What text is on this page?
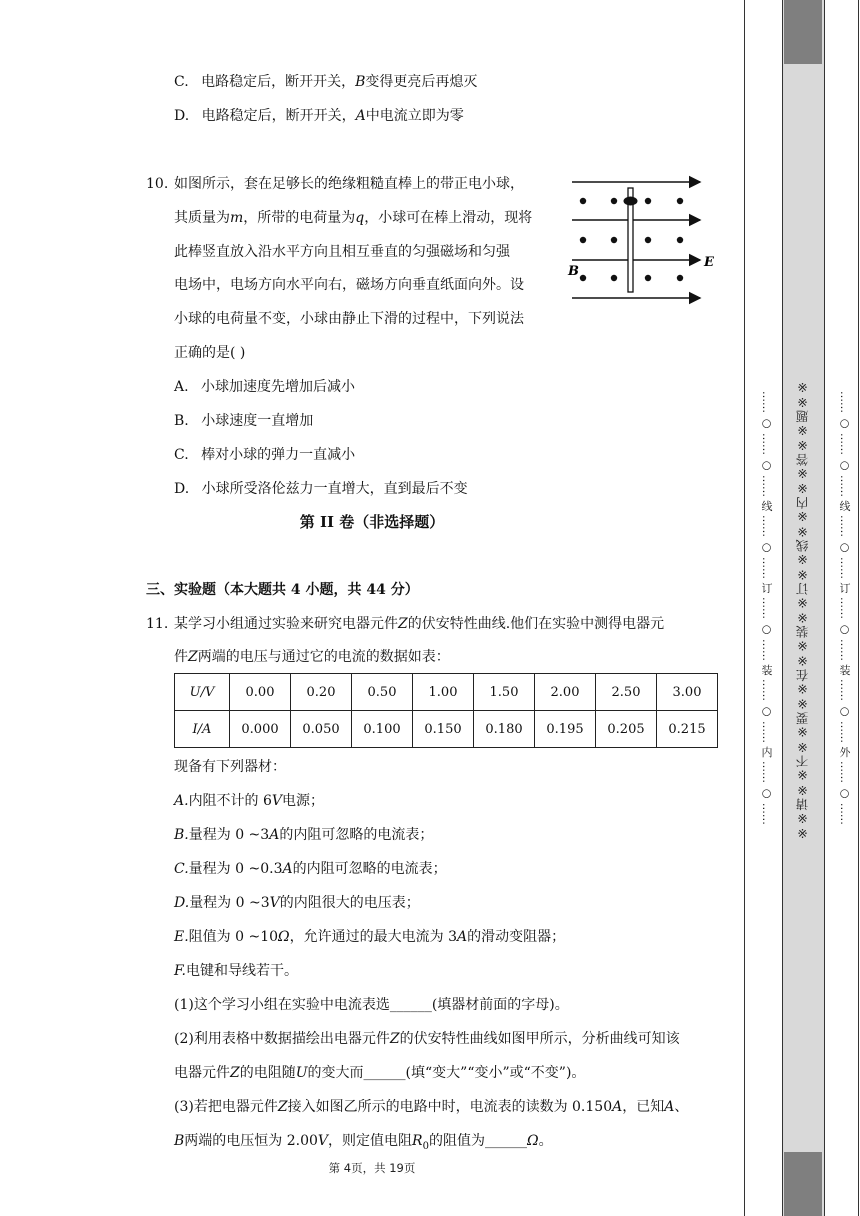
C. 电路稳定后，断开开关，B变得更亮后再熄灭
D. 电路稳定后，断开开关，A中电流立即为零
10. 如图所示，套在足够长的绝缘粗糙直棒上的带正电小球，
其质量为m，所带的电荷量为q，小球可在棒上滑动，现将
此棒竖直放入沿水平方向且相互垂直的匀强磁场和匀强
电场中，电场方向水平向右，磁场方向垂直纸面向外。设
小球的电荷量不变，小球由静止下滑的过程中，下列说法
正确的是( )
A. 小球加速度先增加后减小
B. 小球速度一直增加
C. 棒对小球的弹力一直减小
D. 小球所受洛伦兹力一直增大，直到最后不变
B
E
第 II 卷（非选择题）
三、实验题（本大题共 4 小题，共 44 分）
11. 某学习小组通过实验来研究电器元件Z的伏安特性曲线.他们在实验中测得电器元
件Z两端的电压与通过它的电流的数据如表：
U/V	0.00	0.20	0.50	1.00	1.50	2.00	2.50	3.00
I/A	0.000	0.050	0.100	0.150	0.180	0.195	0.205	0.215
现备有下列器材：
A.内阻不计的 6V电源；
B.量程为 0 ~3A的内阻可忽略的电流表；
C.量程为 0 ~0.3A的内阻可忽略的电流表；
D.量程为 0 ~3V的内阻很大的电压表；
E.阻值为 0 ~10Ω，允许通过的最大电流为 3A的滑动变阻器；
F.电键和导线若干。
(1)这个学习小组在实验中电流表选______(填器材前面的字母)。
(2)利用表格中数据描绘出电器元件Z的伏安特性曲线如图甲所示，分析曲线可知该
电器元件Z的电阻随U的变大而______(填“变大”“变小”或“不变”)。
(3)若把电器元件Z接入如图乙所示的电路中时，电流表的读数为 0.150A，已知A、
B两端的电压恒为 2.00V，则定值电阻$R_0$的阻值为______Ω。
第 4页，共 19页
…… ○ …… ○ …… 线 …… ○ …… 订 …… ○ …… 装 …… ○ …… 内 …… ○ ……	※※请※※不※※要※※在※※装※※订※※线※※内※※答※※题※※	…… ○ …… ○ …… 线 …… ○ …… 订 …… ○ …… 装 …… ○ …… 外 …… ○ ……
